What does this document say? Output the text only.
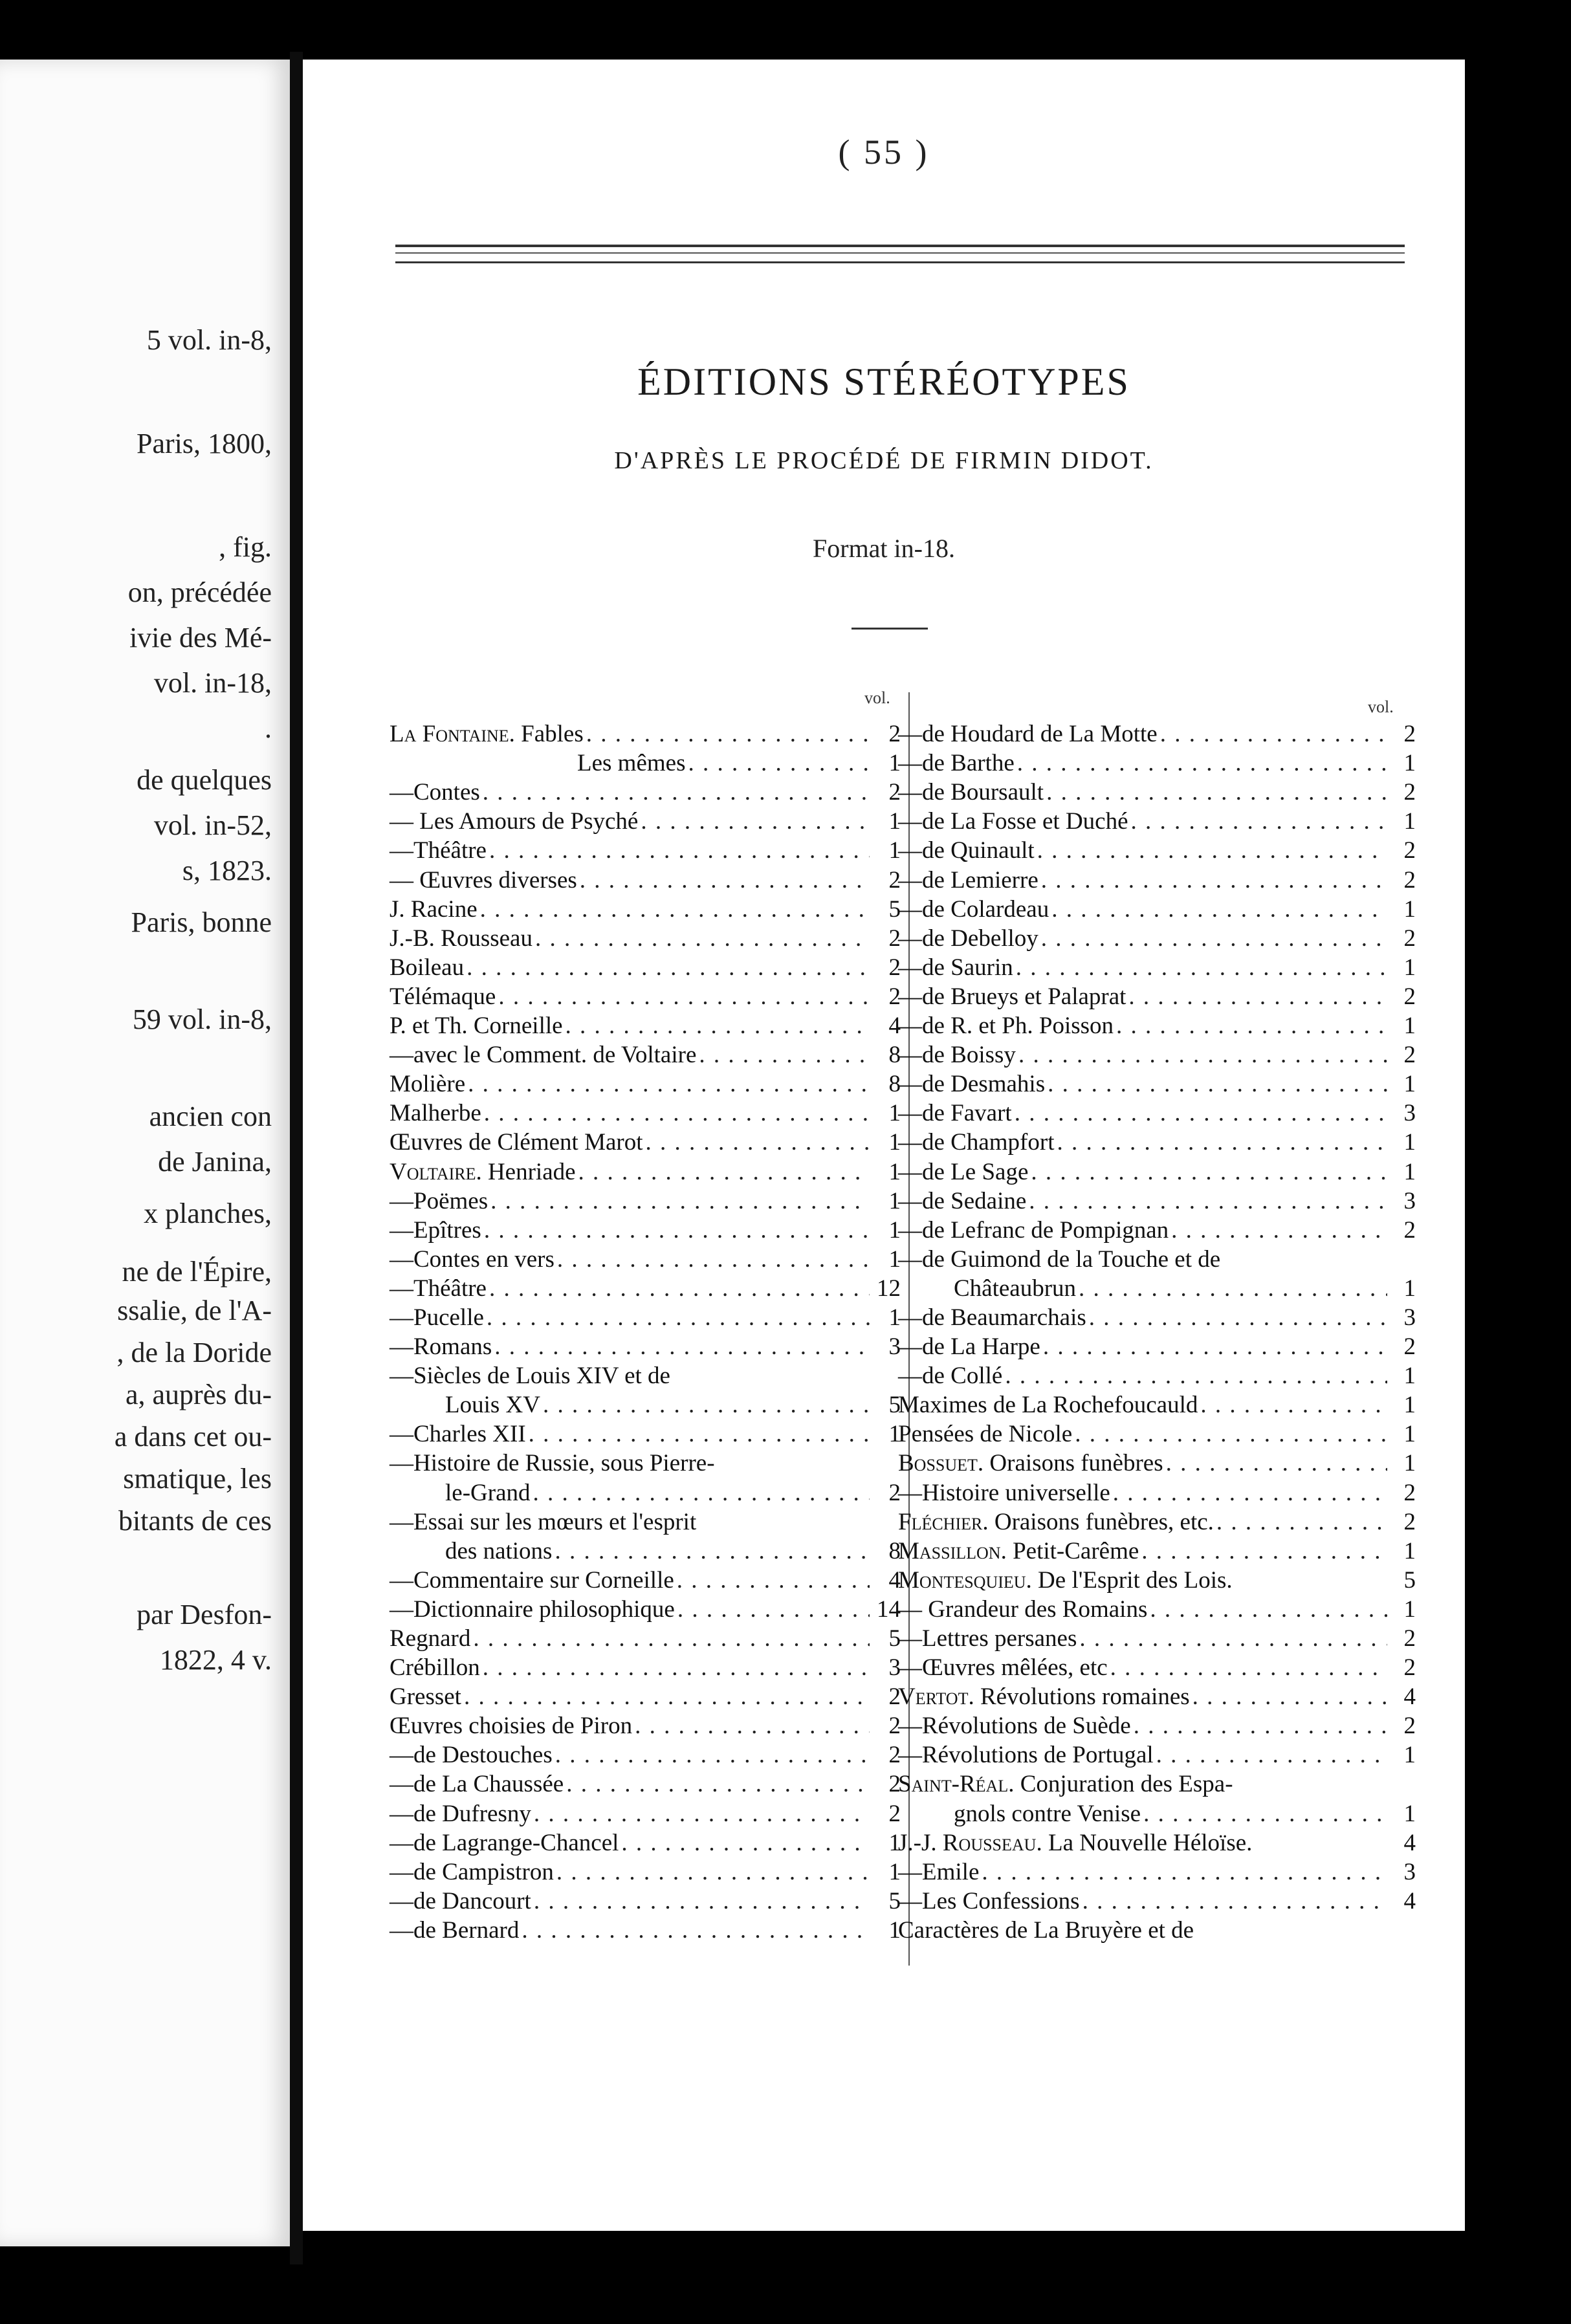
5 vol. in-8,
Paris, 1800,
, fig.
on, précédée
ivie des Mé-
vol. in-18,
.
de quelques
vol. in-52,
s, 1823.
Paris, bonne
59 vol. in-8,
ancien con
de Janina,
x planches,
ne de l'Épire,
ssalie, de l'A-
, de la Doride
a, auprès du-
a dans cet ou-
smatique, les
bitants de ces
par Desfon-
1822, 4 v.
( 55 )
ÉDITIONS STÉRÉOTYPES
D'APRÈS LE PROCÉDÉ DE FIRMIN DIDOT.
Format in-18.
vol.	vol.
La Fontaine. Fables . . .	2
Les mêmes . . .	1
—Contes . . .	2
— Les Amours de Psyché . . .	1
—Théâtre . . .	1
— Œuvres diverses . . .	2
J. Racine . . .	5
J.-B. Rousseau . . .	2
Boileau . . .	2
Télémaque . . .	2
P. et Th. Corneille . . .	4
—avec le Comment. de Voltaire . . .	8
Molière . . .	8
Malherbe . . .	1
Œuvres de Clément Marot . . .	1
Voltaire. Henriade . . .	1
—Poëmes . . .	1
—Epîtres . . .	1
—Contes en vers . . .	1
—Théâtre . . .	12
—Pucelle . . .	1
—Romans . . .	3
—Siècles de Louis XIV et de
Louis XV . . .	5
—Charles XII . . .	1
—Histoire de Russie, sous Pierre-
le-Grand . . .	2
—Essai sur les mœurs et l'esprit
des nations . . .	8
—Commentaire sur Corneille . . .	4
—Dictionnaire philosophique . . .	14
Regnard . . .	5
Crébillon . . .	3
Gresset . . .	2
Œuvres choisies de Piron . . .	2
—de Destouches . . .	2
—de La Chaussée . . .	2
—de Dufresny . . .	2
—de Lagrange-Chancel . . .	1
—de Campistron . . .	1
—de Dancourt . . .	5
—de Bernard . . .	1
—de Houdard de La Motte . . .	2
—de Barthe . . .	1
—de Boursault . . .	2
—de La Fosse et Duché . . .	1
—de Quinault . . .	2
—de Lemierre . . .	2
—de Colardeau . . .	1
—de Debelloy . . .	2
—de Saurin . . .	1
—de Brueys et Palaprat . . .	2
—de R. et Ph. Poisson . . .	1
—de Boissy . . .	2
—de Desmahis . . .	1
—de Favart . . .	3
—de Champfort . . .	1
—de Le Sage . . .	1
—de Sedaine . . .	3
—de Lefranc de Pompignan . . .	2
—de Guimond de la Touche et de
Châteaubrun . . .	1
—de Beaumarchais . . .	3
—de La Harpe . . .	2
—de Collé . . .	1
Maximes de La Rochefoucauld . . .	1
Pensées de Nicole . . .	1
Bossuet. Oraisons funèbres . . .	1
—Histoire universelle . . .	2
Fléchier. Oraisons funèbres, etc. . . .	2
Massillon. Petit-Carême . . .	1
Montesquieu. De l'Esprit des Lois.	5
— Grandeur des Romains . . .	1
—Lettres persanes . . .	2
—Œuvres mêlées, etc . . .	2
Vertot. Révolutions romaines . . .	4
—Révolutions de Suède . . .	2
—Révolutions de Portugal . . .	1
Saint-Réal. Conjuration des Espa-
gnols contre Venise . . .	1
J.-J. Rousseau. La Nouvelle Héloïse.	4
—Emile . . .	3
—Les Confessions . . .	4
Caractères de La Bruyère et de
